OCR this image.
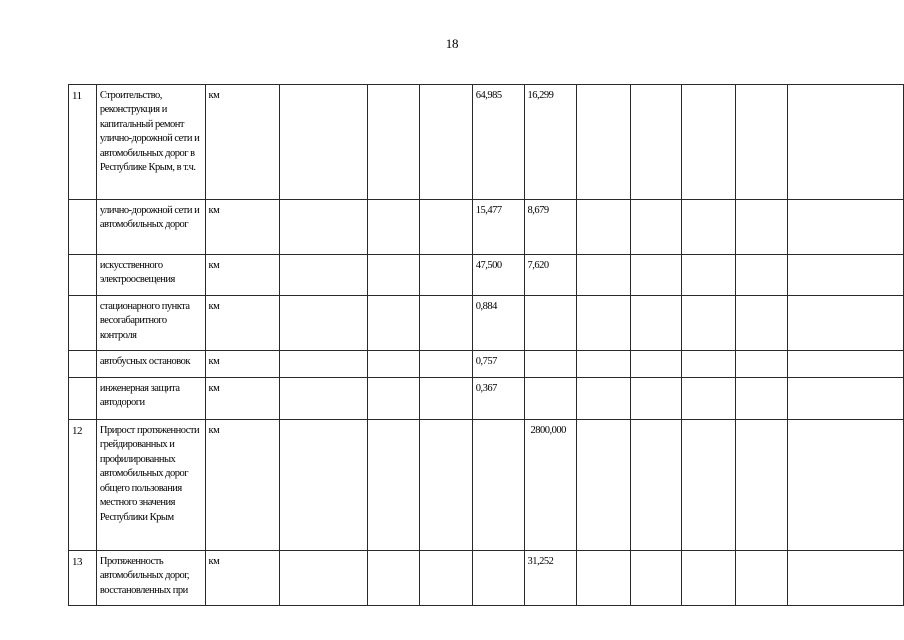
18
11	Строительство, реконструкция и капитальный ремонт улично-дорожной сети и автомобильных дорог в Республике Крым, в т.ч.	км				64,985	16,299					
	улично-дорожной сети и автомобильных дорог	км				15,477	8,679					
	искусственного электроосвещения	км				47,500	7,620					
	стационарного пункта весогабаритного контроля	км				0,884						
	автобусных остановок	км				0,757						
	инженерная защита автодороги	км				0,367						
12	Прирост протяженности грейдированных и профилированных автомобильных дорог общего пользования местного значения Республики Крым	км					2800,000					
13	Протяженность автомобильных дорог, восстановленных при	км					31,252					
